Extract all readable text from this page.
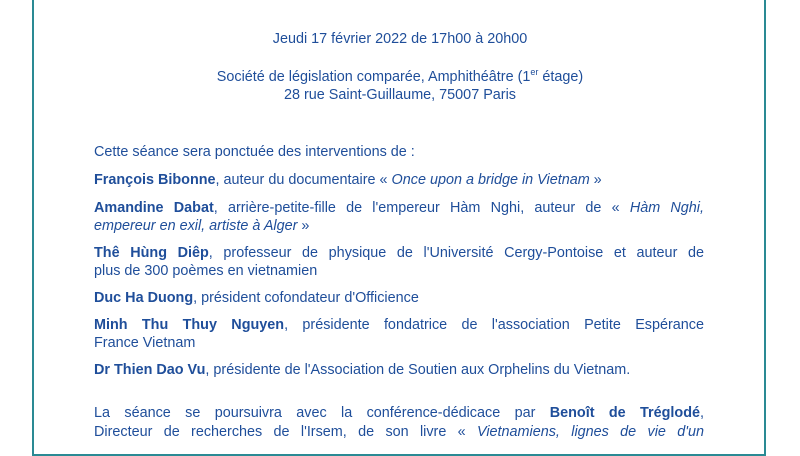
Jeudi 17 février 2022 de 17h00 à 20h00
Société de législation comparée, Amphithéâtre (1er étage)
28 rue Saint-Guillaume, 75007 Paris
Cette séance sera ponctuée des interventions de :
François Bibonne, auteur du documentaire « Once upon a bridge in Vietnam »
Amandine Dabat, arrière-petite-fille de l'empereur Hàm Nghi, auteur de « Hàm Nghi,
empereur en exil, artiste à Alger »
Thê Hùng Diêp, professeur de physique de l'Université Cergy-Pontoise et auteur de
plus de 300 poèmes en vietnamien
Duc Ha Duong, président cofondateur d'Officience
Minh Thu Thuy Nguyen, présidente fondatrice de l'association Petite Espérance
France Vietnam
Dr Thien Dao Vu, présidente de l'Association de Soutien aux Orphelins du Vietnam.
La séance se poursuivra avec la conférence-dédicace par Benoît de Tréglodé,
Directeur de recherches de l'Irsem, de son livre « Vietnamiens, lignes de vie d'un
